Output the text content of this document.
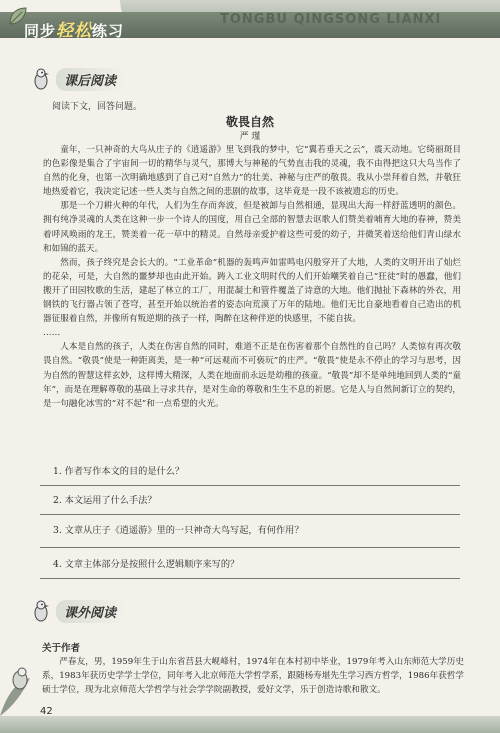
同步轻松练习
TONGBU QINGSONG LIANXI
课后阅读
阅读下文，回答问题。
敬畏自然
严 瑾

童年，一只神奇的大鸟从庄子的《逍遥游》里飞到我的梦中，它“翼若垂天之云”，震天动地。它绮丽斑目的色彩像是集合了宇宙间一切的精华与灵气，那博大与神秘的气势直击我的灵魂，我不由得把这只大鸟当作了自然的化身，也第一次明确地感到了自己对“自然力”的壮美、神秘与庄严的敬畏。我从小崇拜着自然，并敬狂地热爱着它，我决定记述一些人类与自然之间的悲剧的故事，这毕竟是一段不该被遗忘的历史。

那是一个刀耕火种的年代，人们为生存而奔波，但是被卸与自然相通，显现出大海一样舒蓝透明的颜色。拥有纯净灵魂的人类在这种一步一个诗人的国度，用自己全部的智慧去讴歌人们赞美着哺育大地的春神，赞美着呼风唤雨的龙王，赞美着一花一草中的精灵。自然母亲爱护着这些可爱的幼子，并微笑着送给他们青山绿水和如锦的蓝天。

然而，孩子终究是会长大的。“工业革命”机器的轰鸣声如雷鸣电闪般穿开了大地，人类的文明开出了灿烂的花朵，可是，大自然的噩梦却也由此开始。踌入工业文明时代的人们开始嘲笑着自己“狂徒”时的愚蠢，他们搬开了田园牧歌的生活，建起了林立的工厂，用混凝土和管件覆盖了诗意的大地。他们抛扯下森林的外衣，用钢铁的飞行器占领了苍穹，甚至开始以统治者的姿态向荒漠了万年的陆地。他们无比自豪地看着自己造出的机器征服着自然，并像所有叛逆期的孩子一样，陶醉在这种伴逆的快感里，不能自拔。

……

人本是自然的孩子，人类在伤害自然的同时，难道不正是在伤害着那个自然性的自己吗？人类惊有再次敬畏自然。“敬畏”使是一种距离美，是一种“可远观而不可亵玩”的庄严。“敬畏”使是永不停止的学习与思考，因为自然的智慧这样玄妙，这样博大精深，人类在地面前永远是幼稚的孩童。“敬畏”却不是单纯地回到人类的“童年”，而是在理解尊敬的基础上寻求共存，是对生命的尊敬和生生不息的祈愿。它是人与自然间新订立的契约，是一句融化冰雪的“对不起”和一点希望的火光。

1. 作者写作本文的目的是什么？
2. 本文运用了什么手法？
3. 文章从庄子《逍遥游》里的一只神奇大鸟写起，有何作用？
4. 文章主体部分是按照什么逻辑顺序来写的？
课外阅读
关于作者
严春友，男，1959年生于山东省莒县大岘峰村，1974年在本村初中毕业，1979年考入山东师范大学历史系，1983年获历史学学士学位，同年考入北京师范大学哲学系，跟随杨寿堪先生学习西方哲学，1986年获哲学硕士学位，现为北京师范大学哲学与社会学学院副教授，爱好文学，乐于创造诗歌和散文。
42
